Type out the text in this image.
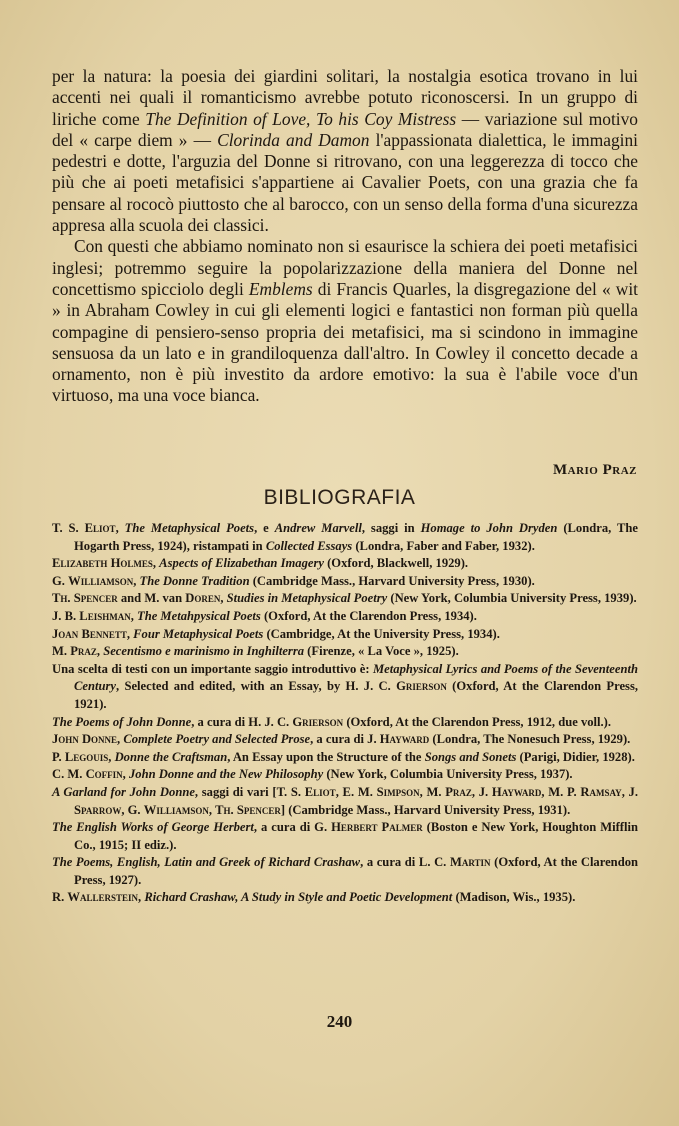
per la natura: la poesia dei giardini solitari, la nostalgia esotica trovano in lui accenti nei quali il romanticismo avrebbe potuto riconoscersi. In un gruppo di liriche come The Definition of Love, To his Coy Mistress — variazione sul motivo del « carpe diem » — Clorinda and Damon l'appassionata dialettica, le immagini pedestri e dotte, l'arguzia del Donne si ritrovano, con una leggerezza di tocco che più che ai poeti metafisici s'appartiene ai Cavalier Poets, con una grazia che fa pensare al rococò piuttosto che al barocco, con un senso della forma d'una sicurezza appresa alla scuola dei classici.

Con questi che abbiamo nominato non si esaurisce la schiera dei poeti metafisici inglesi; potremmo seguire la popolarizzazione della maniera del Donne nel concettismo spicciolo degli Emblems di Francis Quarles, la disgregazione del « wit » in Abraham Cowley in cui gli elementi logici e fantastici non forman più quella compagine di pensiero-senso propria dei metafisici, ma si scindono in immagine sensuosa da un lato e in grandiloquenza dall'altro. In Cowley il concetto decade a ornamento, non è più investito da ardore emotivo: la sua è l'abile voce d'un virtuoso, ma una voce bianca.

Mario Praz
BIBLIOGRAFIA
T. S. Eliot, The Metaphysical Poets, e Andrew Marvell, saggi in Homage to John Dryden (Londra, The Hogarth Press, 1924), ristampati in Collected Essays (Londra, Faber and Faber, 1932).
Elizabeth Holmes, Aspects of Elizabethan Imagery (Oxford, Blackwell, 1929).
G. Williamson, The Donne Tradition (Cambridge Mass., Harvard University Press, 1930).
Th. Spencer and M. van Doren, Studies in Metaphysical Poetry (New York, Columbia University Press, 1939).
J. B. Leishman, The Metahpysical Poets (Oxford, At the Clarendon Press, 1934).
Joan Bennett, Four Metaphysical Poets (Cambridge, At the University Press, 1934).
M. Praz, Secentismo e marinismo in Inghilterra (Firenze, « La Voce », 1925).
Una scelta di testi con un importante saggio introduttivo è: Metaphysical Lyrics and Poems of the Seventeenth Century, Selected and edited, with an Essay, by H. J. C. Grierson (Oxford, At the Clarendon Press, 1921).
The Poems of John Donne, a cura di H. J. C. Grierson (Oxford, At the Clarendon Press, 1912, due voll.).
John Donne, Complete Poetry and Selected Prose, a cura di J. Hayward (Londra, The Nonesuch Press, 1929).
P. Legouis, Donne the Craftsman, An Essay upon the Structure of the Songs and Sonets (Parigi, Didier, 1928).
C. M. Coffin, John Donne and the New Philosophy (New York, Columbia University Press, 1937).
A Garland for John Donne, saggi di vari [T. S. Eliot, E. M. Simpson, M. Praz, J. Hayward, M. P. Ramsay, J. Sparrow, G. Williamson, Th. Spencer] (Cambridge Mass., Harvard University Press, 1931).
The English Works of George Herbert, a cura di G. Herbert Palmer (Boston e New York, Houghton Mifflin Co., 1915; II ediz.).
The Poems, English, Latin and Greek of Richard Crashaw, a cura di L. C. Martin (Oxford, At the Clarendon Press, 1927).
R. Wallerstein, Richard Crashaw, A Study in Style and Poetic Development (Madison, Wis., 1935).
240
